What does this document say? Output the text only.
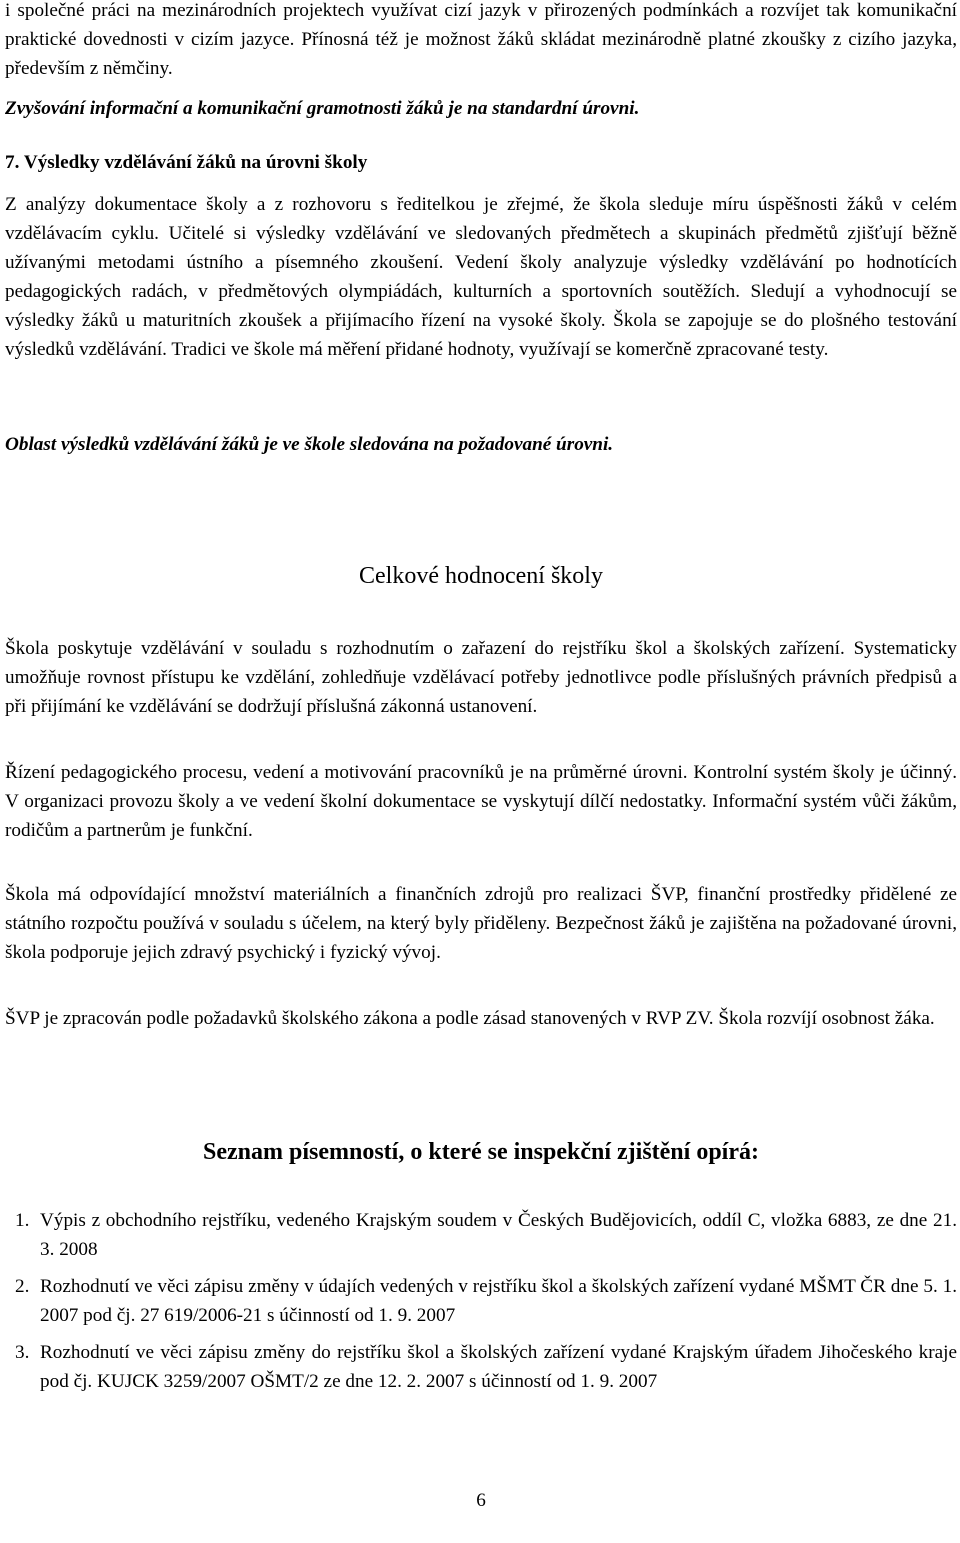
i společné práci na mezinárodních projektech využívat cizí jazyk v přirozených podmínkách a rozvíjet tak komunikační praktické dovednosti v cizím jazyce. Přínosná též je možnost žáků skládat mezinárodně platné zkoušky z cizího jazyka, především z němčiny.

Zvyšování informační a komunikační gramotnosti žáků je na standardní úrovni.

7. Výsledky vzdělávání žáků na úrovni školy

Z analýzy dokumentace školy a z rozhovoru s ředitelkou je zřejmé, že škola sleduje míru úspěšnosti žáků v celém vzdělávacím cyklu. Učitelé si výsledky vzdělávání ve sledovaných předmětech a skupinách předmětů zjišťují běžně užívanými metodami ústního a písemného zkoušení. Vedení školy analyzuje výsledky vzdělávání po hodnotících pedagogických radách, v předmětových olympiádách, kulturních a sportovních soutěžích. Sledují a vyhodnocují se výsledky žáků u maturitních zkoušek a přijímacího řízení na vysoké školy. Škola se zapojuje se do plošného testování výsledků vzdělávání. Tradici ve škole má měření přidané hodnoty, využívají se komerčně zpracované testy.

Oblast výsledků vzdělávání žáků je ve škole sledována na požadované úrovni.

Celkové hodnocení školy

Škola poskytuje vzdělávání v souladu s rozhodnutím o zařazení do rejstříku škol a školských zařízení. Systematicky umožňuje rovnost přístupu ke vzdělání, zohledňuje vzdělávací potřeby jednotlivce podle příslušných právních předpisů a při přijímání ke vzdělávání se dodržují příslušná zákonná ustanovení.

Řízení pedagogického procesu, vedení a motivování pracovníků je na průměrné úrovni. Kontrolní systém školy je účinný. V organizaci provozu školy a ve vedení školní dokumentace se vyskytují dílčí nedostatky. Informační systém vůči žákům, rodičům a partnerům je funkční.

Škola má odpovídající množství materiálních a finančních zdrojů pro realizaci ŠVP, finanční prostředky přidělené ze státního rozpočtu používá v souladu s účelem, na který byly přiděleny. Bezpečnost žáků je zajištěna na požadované úrovni, škola podporuje jejich zdravý psychický i fyzický vývoj.

ŠVP je zpracován podle požadavků školského zákona a podle zásad stanovených v RVP ZV. Škola rozvíjí osobnost žáka.

Seznam písemností, o které se inspekční zjištění opírá:
1. Výpis z obchodního rejstříku, vedeného Krajským soudem v Českých Budějovicích, oddíl C, vložka 6883, ze dne 21. 3. 2008
2. Rozhodnutí ve věci zápisu změny v údajích vedených v rejstříku škol a školských zařízení vydané MŠMT ČR dne 5. 1. 2007 pod čj. 27 619/2006-21 s účinností od 1. 9. 2007
3. Rozhodnutí ve věci zápisu změny do rejstříku škol a školských zařízení vydané Krajským úřadem Jihočeského kraje pod čj. KUJCK 3259/2007 OŠMT/2 ze dne 12. 2. 2007 s účinností od 1. 9. 2007
6
